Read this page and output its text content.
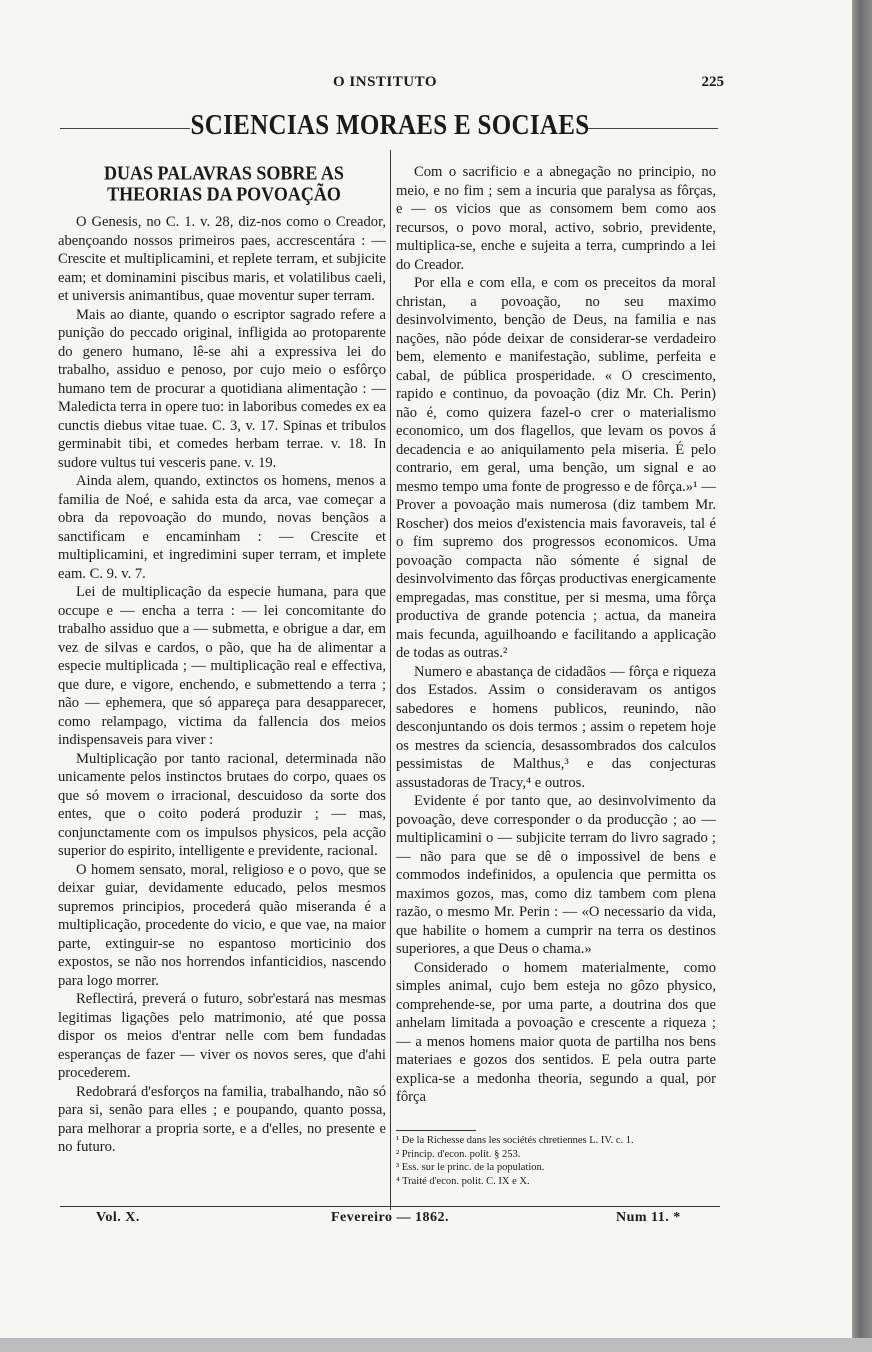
O INSTITUTO	225
SCIENCIAS MORAES E SOCIAES
DUAS PALAVRAS SOBRE AS THEORIAS DA POVOAÇÃO

O Genesis, no C. 1. v. 28, diz-nos como o Creador, abençoando nossos primeiros paes, accrescentára : — Crescite et multiplicamini, et replete terram, et subjicite eam; et dominamini piscibus maris, et volatilibus caeli, et universis animantibus, quae moventur super terram.

Mais ao diante, quando o escriptor sagrado refere a punição do peccado original, infligida ao protoparente do genero humano, lê-se ahi a expressiva lei do trabalho, assiduo e penoso, por cujo meio o esfôrço humano tem de procurar a quotidiana alimentação : — Maledicta terra in opere tuo: in laboribus comedes ex ea cunctis diebus vitae tuae. C. 3, v. 17. Spinas et tribulos germinabit tibi, et comedes herbam terrae. v. 18. In sudore vultus tui vesceris pane. v. 19.

Ainda alem, quando, extinctos os homens, menos a familia de Noé, e sahida esta da arca, vae começar a obra da repovoação do mundo, novas bençãos a sanctificam e encaminham : — Crescite et multiplicamini, et ingredimini super terram, et implete eam. C. 9. v. 7.

Lei de multiplicação da especie humana, para que occupe e — encha a terra : — lei concomitante do trabalho assiduo que a — submetta, e obrigue a dar, em vez de silvas e cardos, o pão, que ha de alimentar a especie multiplicada ; — multiplicação real e effectiva, que dure, e vigore, enchendo, e submettendo a terra ; não — ephemera, que só appareça para desapparecer, como relampago, victima da fallencia dos meios indispensaveis para viver :

Multiplicação por tanto racional, determinada não unicamente pelos instinctos brutaes do corpo, quaes os que só movem o irracional, descuidoso da sorte dos entes, que o coito poderá produzir ; — mas, conjunctamente com os impulsos physicos, pela acção superior do espirito, intelligente e previdente, racional.

O homem sensato, moral, religioso e o povo, que se deixar guiar, devidamente educado, pelos mesmos supremos principios, procederá quão miseranda é a multiplicação, procedente do vicio, e que vae, na maior parte, extinguir-se no espantoso morticinio dos expostos, se não nos horrendos infanticidios, nascendo para logo morrer.

Reflectirá, preverá o futuro, sobr'estará nas mesmas legitimas ligações pelo matrimonio, até que possa dispor os meios d'entrar nelle com bem fundadas esperanças de fazer — viver os novos seres, que d'ahi procederem.

Redobrará d'esforços na familia, trabalhando, não só para si, senão para elles ; e poupando, quanto possa, para melhorar a propria sorte, e a d'elles, no presente e no futuro.

Com o sacrificio e a abnegação no principio, no meio, e no fim ; sem a incuria que paralysa as fôrças, e — os vicios que as consomem bem como aos recursos, o povo moral, activo, sobrio, previdente, multiplica-se, enche e sujeita a terra, cumprindo a lei do Creador.

Por ella e com ella, e com os preceitos da moral christan, a povoação, no seu maximo desinvolvimento, benção de Deus, na familia e nas nações, não póde deixar de considerar-se verdadeiro bem, elemento e manifestação, sublime, perfeita e cabal, de pública prosperidade. « O crescimento, rapido e continuo, da povoação (diz Mr. Ch. Perin) não é, como quizera fazel-o crer o materialismo economico, um dos flagellos, que levam os povos á decadencia e ao aniquilamento pela miseria. É pelo contrario, em geral, uma benção, um signal e ao mesmo tempo uma fonte de progresso e de fôrça.»¹ — Prover a povoação mais numerosa (diz tambem Mr. Roscher) dos meios d'existencia mais favoraveis, tal é o fim supremo dos progressos economicos. Uma povoação compacta não sómente é signal de desinvolvimento das fôrças productivas energicamente empregadas, mas constitue, per si mesma, uma fôrça productiva de grande potencia ; actua, da maneira mais fecunda, aguilhoando e facilitando a applicação de todas as outras.²

Numero e abastança de cidadãos — fôrça e riqueza dos Estados. Assim o consideravam os antigos sabedores e homens publicos, reunindo, não desconjuntando os dois termos ; assim o repetem hoje os mestres da sciencia, desassombrados dos calculos pessimistas de Malthus,³ e das conjecturas assustadoras de Tracy,⁴ e outros.

Evidente é por tanto que, ao desinvolvimento da povoação, deve corresponder o da producção ; ao — multiplicamini o — subjicite terram do livro sagrado ; — não para que se dê o impossivel de bens e commodos indefinidos, a opulencia que permitta os maximos gozos, mas, como diz tambem com plena razão, o mesmo Mr. Perin : — «O necessario da vida, que habilite o homem a cumprir na terra os destinos superiores, a que Deus o chama.»

Considerado o homem materialmente, como simples animal, cujo bem esteja no gôzo physico, comprehende-se, por uma parte, a doutrina dos que anhelam limitada a povoação e crescente a riqueza ; — a menos homens maior quota de partilha nos bens materiaes e gozos dos sentidos. E pela outra parte explica-se a medonha theoria, segundo a qual, por fôrça

¹ De la Richesse dans les sociétés chretiennes L. IV. c. 1.
² Princip. d'econ. polit. § 253.
³ Ess. sur le princ. de la population.
⁴ Traité d'econ. polit. C. IX e X.
Vol. X.	Fevereiro — 1862.	Num 11. *
